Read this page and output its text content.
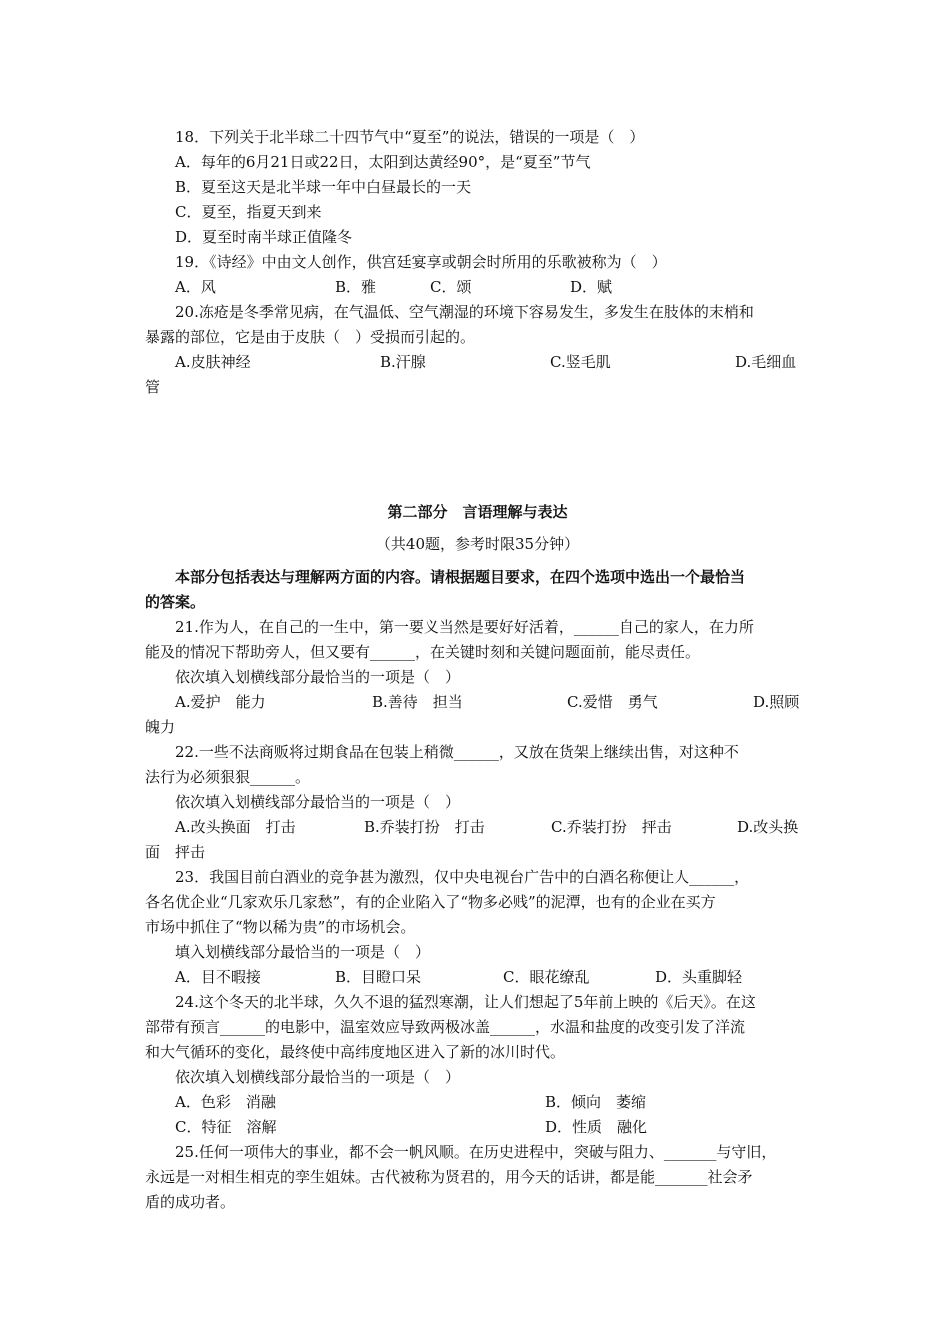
18．下列关于北半球二十四节气中“夏至”的说法，错误的一项是（　）
A．每年的6月21日或22日，太阳到达黄经90°，是“夏至”节气
B．夏至这天是北半球一年中白昼最长的一天
C．夏至，指夏天到来
D．夏至时南半球正值隆冬
19．《诗经》中由文人创作，供宫廷宴享或朝会时所用的乐歌被称为（　）
A．风	B．雅	C．颂	D．赋
20.冻疮是冬季常见病，在气温低、空气潮湿的环境下容易发生，多发生在肢体的末梢和
暴露的部位，它是由于皮肤（　）受损而引起的。
A.皮肤神经	B.汗腺	C.竖毛肌	D.毛细血
管
第二部分　言语理解与表达
（共40题，参考时限35分钟）
本部分包括表达与理解两方面的内容。请根据题目要求，在四个选项中选出一个最恰当
的答案。
21.作为人，在自己的一生中，第一要义当然是要好好活着，______自己的家人，在力所
能及的情况下帮助旁人，但又要有______，在关键时刻和关键问题面前，能尽责任。
依次填入划横线部分最恰当的一项是（　）
A.爱护　能力	B.善待　担当	C.爱惜　勇气	D.照顾
魄力
22.一些不法商贩将过期食品在包装上稍微______，又放在货架上继续出售，对这种不
法行为必须狠狠______。
依次填入划横线部分最恰当的一项是（　）
A.改头换面　打击	B.乔装打扮　打击	C.乔装打扮　抨击	D.改头换
面　抨击
23．我国目前白酒业的竞争甚为激烈，仅中央电视台广告中的白酒名称便让人______，
各名优企业“几家欢乐几家愁”，有的企业陷入了“物多必贱”的泥潭，也有的企业在买方
市场中抓住了“物以稀为贵”的市场机会。
填入划横线部分最恰当的一项是（　）
A．目不暇接	B．目瞪口呆	C．眼花缭乱	D．头重脚轻
24.这个冬天的北半球，久久不退的猛烈寒潮，让人们想起了5年前上映的《后天》。在这
部带有预言______的电影中，温室效应导致两极冰盖______，水温和盐度的改变引发了洋流
和大气循环的变化，最终使中高纬度地区进入了新的冰川时代。
依次填入划横线部分最恰当的一项是（　）
A．色彩　消融	B．倾向　萎缩
C．特征　溶解	D．性质　融化
25.任何一项伟大的事业，都不会一帆风顺。在历史进程中，突破与阻力、_______与守旧，
永远是一对相生相克的孪生姐妹。古代被称为贤君的，用今天的话讲，都是能_______社会矛
盾的成功者。
